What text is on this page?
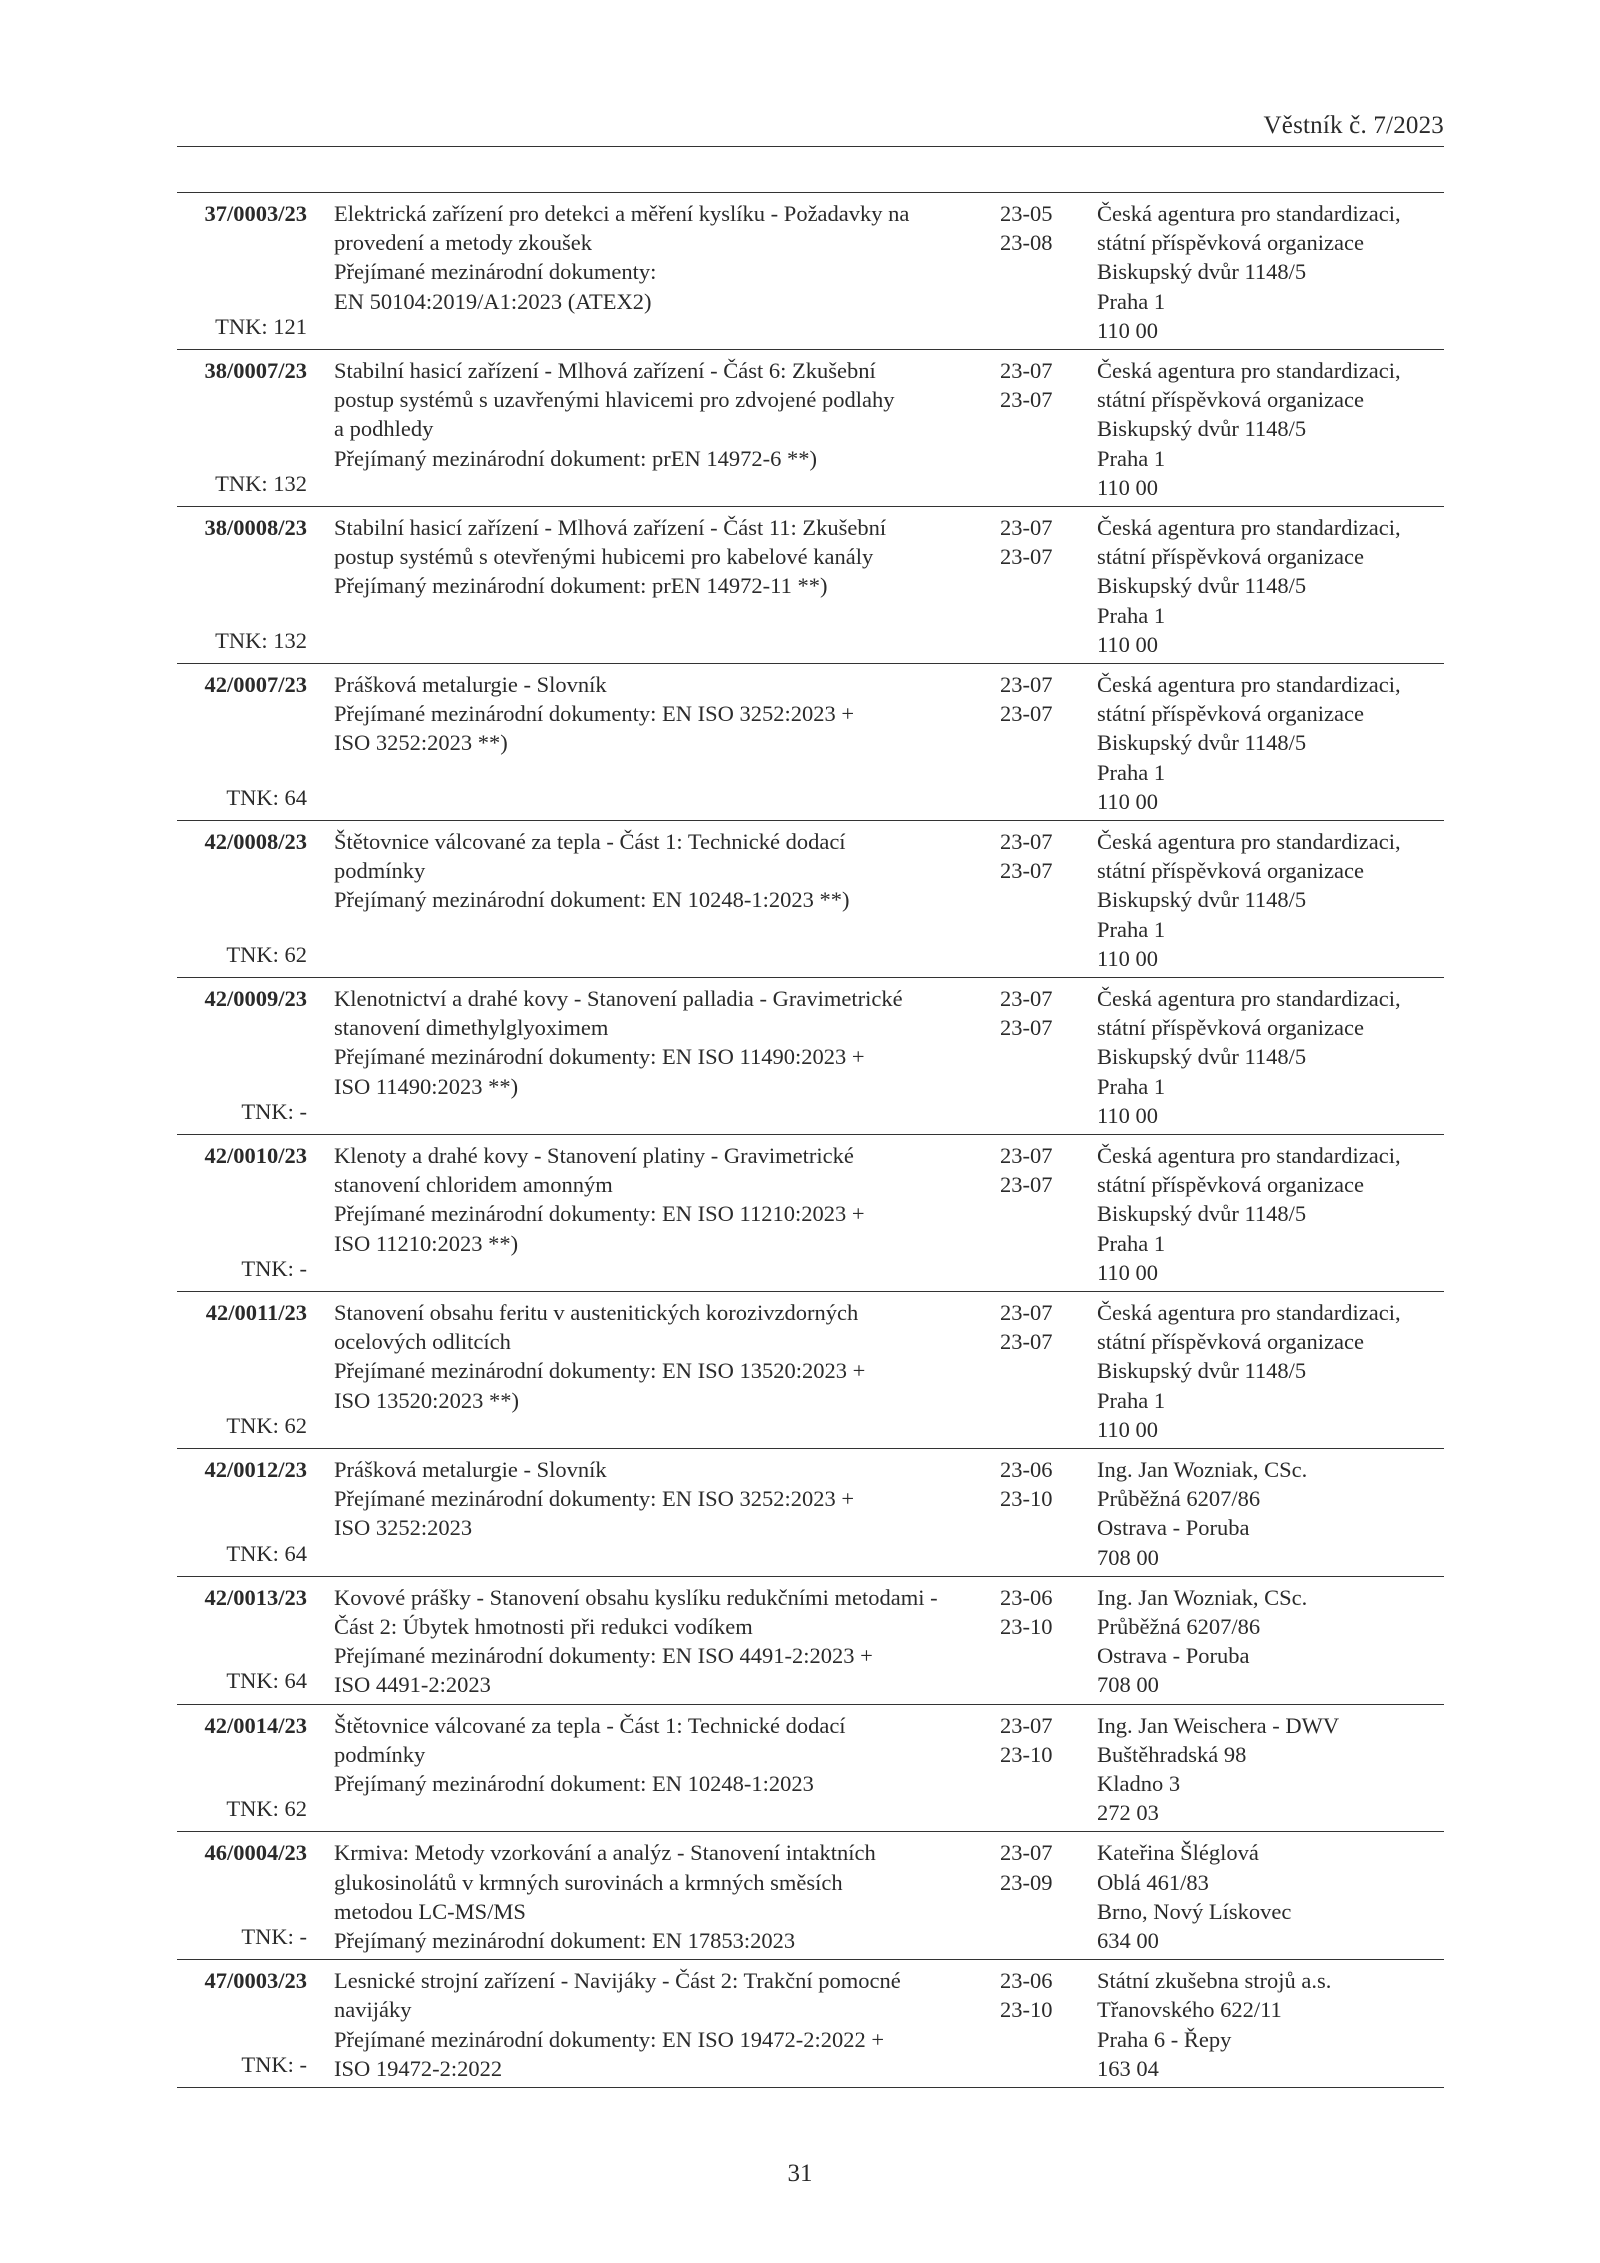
Věstník č. 7/2023
37/0003/23
TNK: 121
Elektrická zařízení pro detekci a měření kyslíku - Požadavky na
provedení a metody zkoušek
Přejímané mezinárodní dokumenty:
EN 50104:2019/A1:2023 (ATEX2)
23-05
23-08
Česká agentura pro standardizaci,
státní příspěvková organizace
Biskupský dvůr 1148/5
Praha 1
110 00
38/0007/23
TNK: 132
Stabilní hasicí zařízení - Mlhová zařízení - Část 6: Zkušební
postup systémů s uzavřenými hlavicemi pro zdvojené podlahy
a podhledy
Přejímaný mezinárodní dokument: prEN 14972-6 **)
23-07
23-07
Česká agentura pro standardizaci,
státní příspěvková organizace
Biskupský dvůr 1148/5
Praha 1
110 00
38/0008/23
TNK: 132
Stabilní hasicí zařízení - Mlhová zařízení - Část 11: Zkušební
postup systémů s otevřenými hubicemi pro kabelové kanály
Přejímaný mezinárodní dokument: prEN 14972-11 **)
23-07
23-07
Česká agentura pro standardizaci,
státní příspěvková organizace
Biskupský dvůr 1148/5
Praha 1
110 00
42/0007/23
TNK: 64
Prášková metalurgie - Slovník
Přejímané mezinárodní dokumenty: EN ISO 3252:2023 +
ISO 3252:2023 **)
23-07
23-07
Česká agentura pro standardizaci,
státní příspěvková organizace
Biskupský dvůr 1148/5
Praha 1
110 00
42/0008/23
TNK: 62
Štětovnice válcované za tepla - Část 1: Technické dodací
podmínky
Přejímaný mezinárodní dokument: EN 10248-1:2023 **)
23-07
23-07
Česká agentura pro standardizaci,
státní příspěvková organizace
Biskupský dvůr 1148/5
Praha 1
110 00
42/0009/23
TNK: -
Klenotnictví a drahé kovy - Stanovení palladia - Gravimetrické
stanovení dimethylglyoximem
Přejímané mezinárodní dokumenty: EN ISO 11490:2023 +
ISO 11490:2023 **)
23-07
23-07
Česká agentura pro standardizaci,
státní příspěvková organizace
Biskupský dvůr 1148/5
Praha 1
110 00
42/0010/23
TNK: -
Klenoty a drahé kovy - Stanovení platiny - Gravimetrické
stanovení chloridem amonným
Přejímané mezinárodní dokumenty: EN ISO 11210:2023 +
ISO 11210:2023 **)
23-07
23-07
Česká agentura pro standardizaci,
státní příspěvková organizace
Biskupský dvůr 1148/5
Praha 1
110 00
42/0011/23
TNK: 62
Stanovení obsahu feritu v austenitických korozivzdorných
ocelových odlitcích
Přejímané mezinárodní dokumenty: EN ISO 13520:2023 +
ISO 13520:2023 **)
23-07
23-07
Česká agentura pro standardizaci,
státní příspěvková organizace
Biskupský dvůr 1148/5
Praha 1
110 00
42/0012/23
TNK: 64
Prášková metalurgie - Slovník
Přejímané mezinárodní dokumenty: EN ISO 3252:2023 +
ISO 3252:2023
23-06
23-10
Ing. Jan Wozniak, CSc.
Průběžná 6207/86
Ostrava - Poruba
708 00
42/0013/23
TNK: 64
Kovové prášky - Stanovení obsahu kyslíku redukčními metodami -
Část 2: Úbytek hmotnosti při redukci vodíkem
Přejímané mezinárodní dokumenty: EN ISO 4491-2:2023 +
ISO 4491-2:2023
23-06
23-10
Ing. Jan Wozniak, CSc.
Průběžná 6207/86
Ostrava - Poruba
708 00
42/0014/23
TNK: 62
Štětovnice válcované za tepla - Část 1: Technické dodací
podmínky
Přejímaný mezinárodní dokument: EN 10248-1:2023
23-07
23-10
Ing. Jan Weischera - DWV
Buštěhradská 98
Kladno 3
272 03
46/0004/23
TNK: -
Krmiva: Metody vzorkování a analýz - Stanovení intaktních
glukosinolátů v krmných surovinách a krmných směsích
metodou LC-MS/MS
Přejímaný mezinárodní dokument: EN 17853:2023
23-07
23-09
Kateřina Šléglová
Oblá 461/83
Brno, Nový Lískovec
634 00
47/0003/23
TNK: -
Lesnické strojní zařízení - Navijáky - Část 2: Trakční pomocné
navijáky
Přejímané mezinárodní dokumenty: EN ISO 19472-2:2022 +
ISO 19472-2:2022
23-06
23-10
Státní zkušebna strojů a.s.
Třanovského 622/11
Praha 6 - Řepy
163 04
31
